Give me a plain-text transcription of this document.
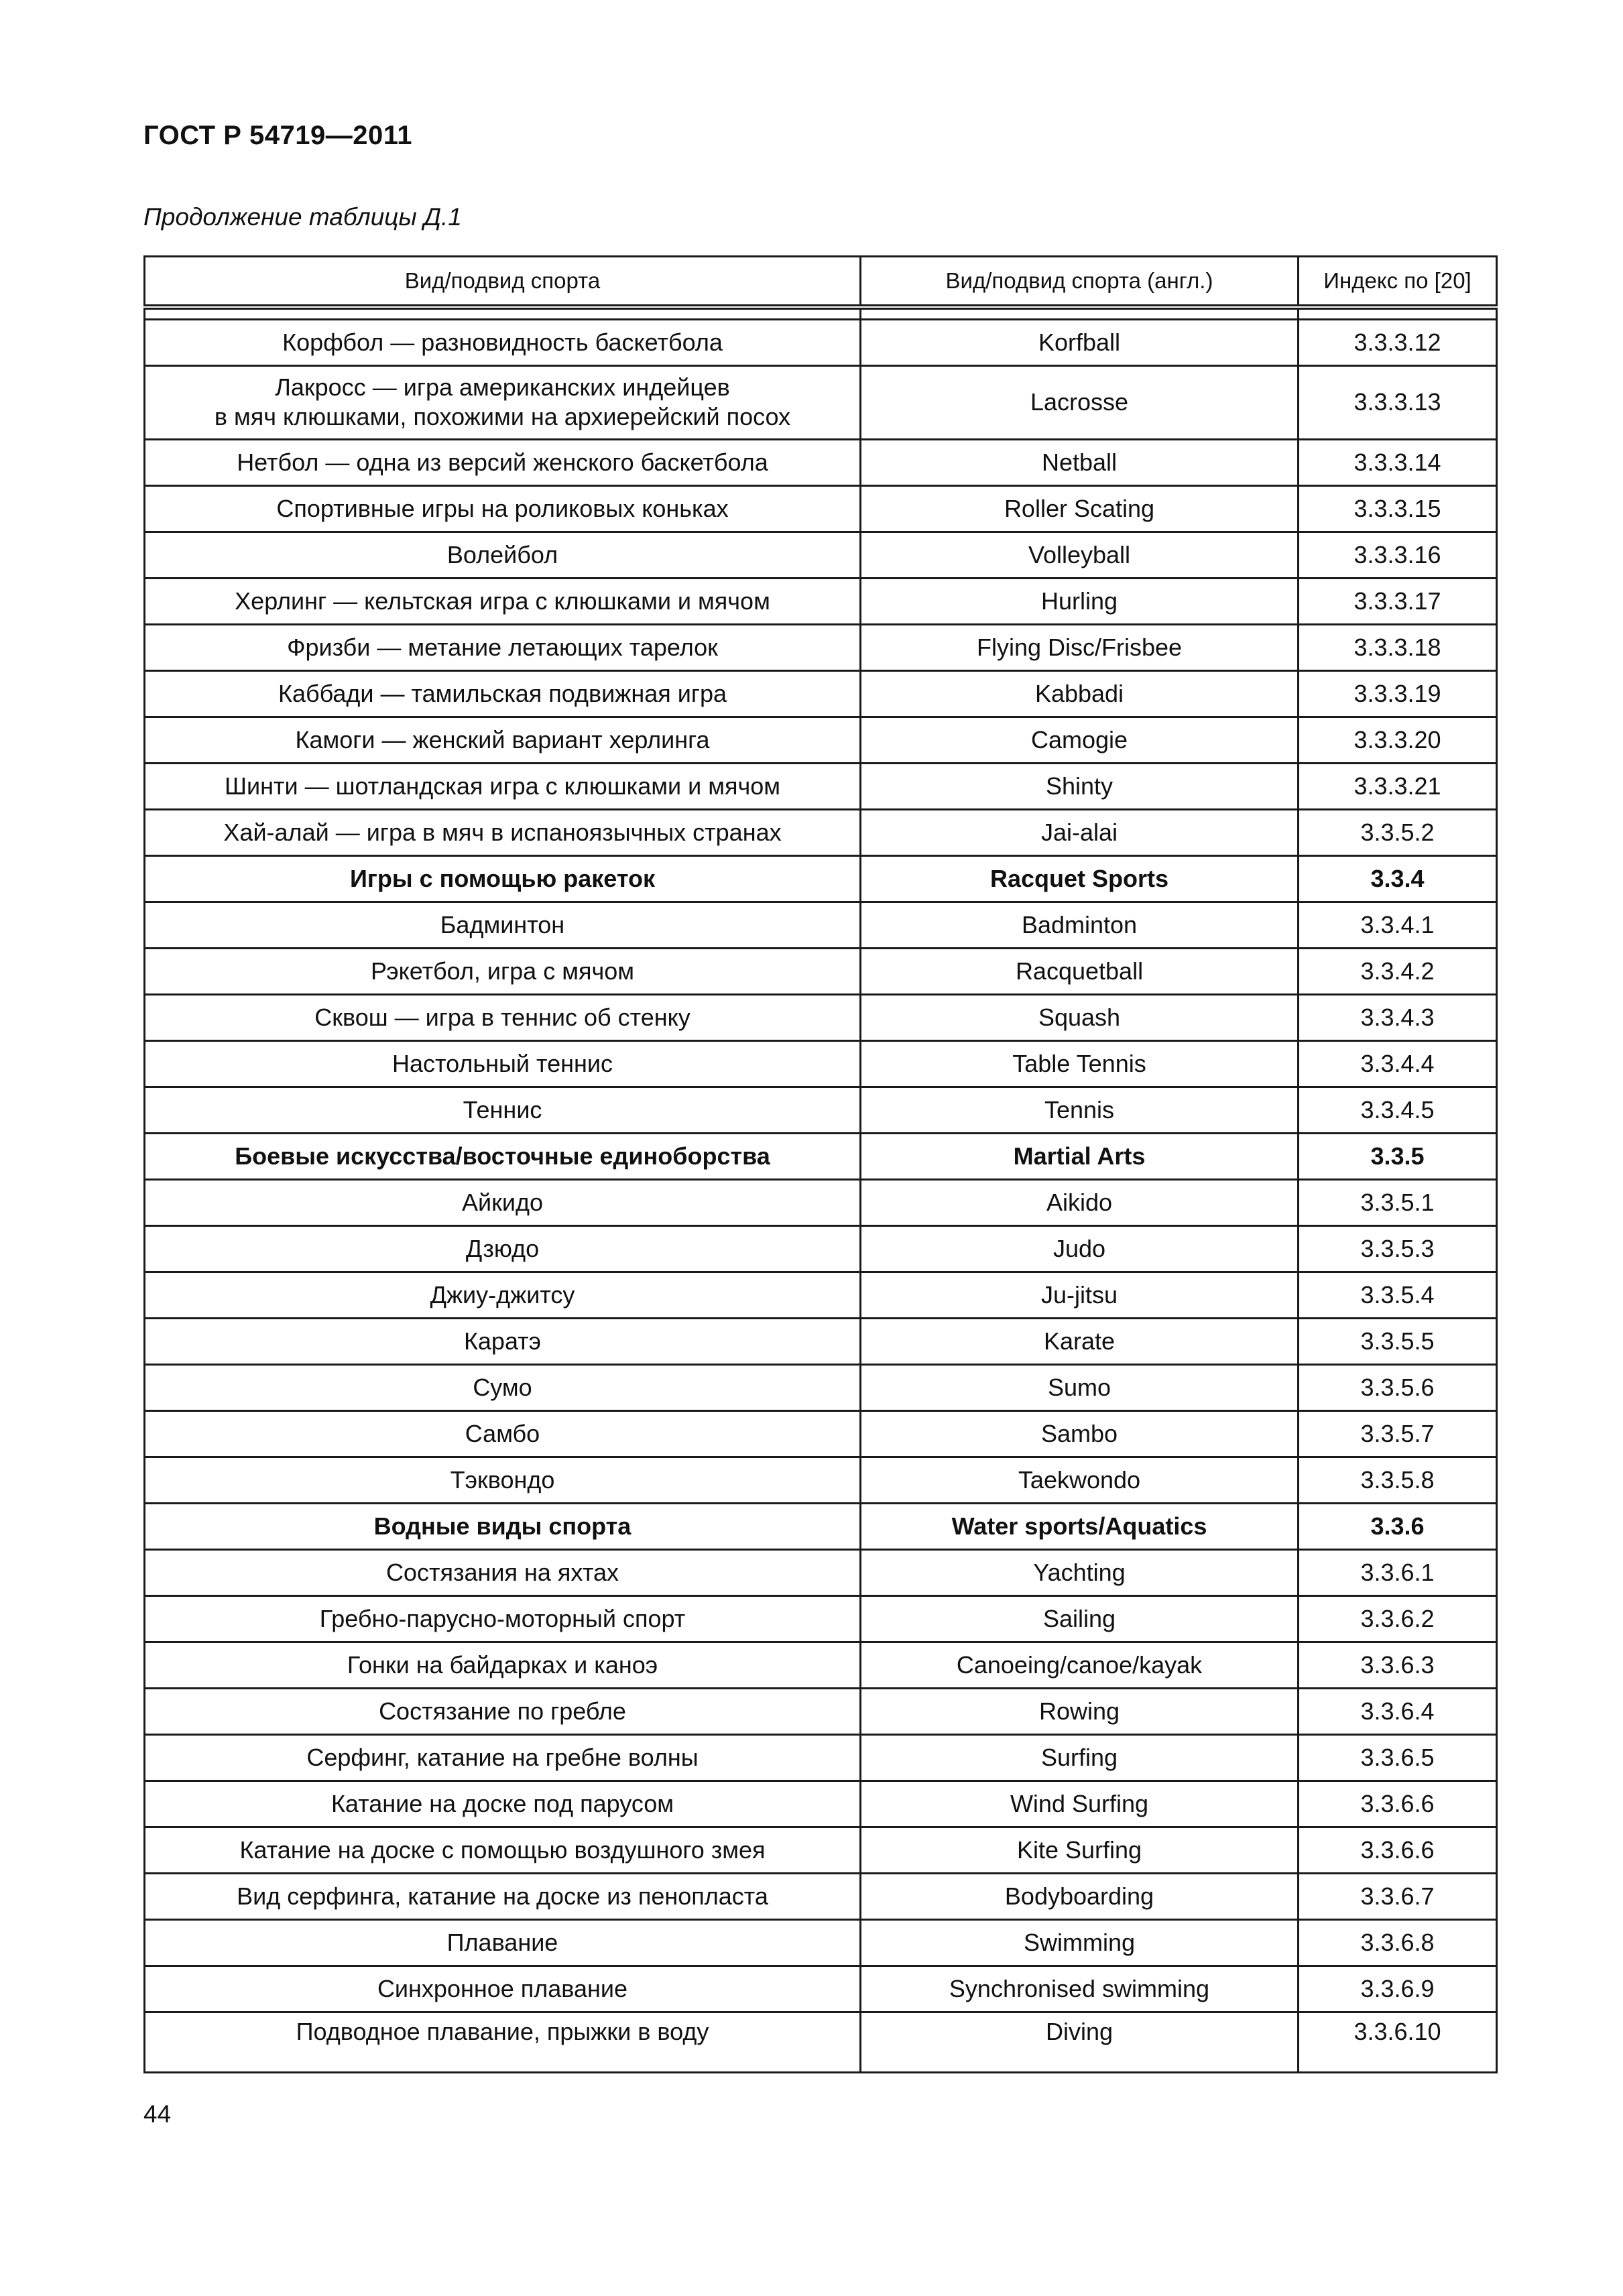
ГОСТ Р 54719—2011
Продолжение таблицы Д.1
Вид/подвид спорта	Вид/подвид спорта (англ.)	Индекс по [20]

Корфбол — разновидность баскетбола	Korfball	3.3.3.12
Лакросс — игра американских индейцев
в мяч клюшками, похожими на архиерейский посох	Lacrosse	3.3.3.13
Нетбол — одна из версий женского баскетбола	Netball	3.3.3.14
Спортивные игры на роликовых коньках	Roller Scating	3.3.3.15
Волейбол	Volleyball	3.3.3.16
Херлинг — кельтская игра с клюшками и мячом	Hurling	3.3.3.17
Фризби — метание летающих тарелок	Flying Disc/Frisbee	3.3.3.18
Каббади — тамильская подвижная игра	Kabbadi	3.3.3.19
Камоги — женский вариант херлинга	Camogie	3.3.3.20
Шинти — шотландская игра с клюшками и мячом	Shinty	3.3.3.21
Хай-алай — игра в мяч в испаноязычных странах	Jai-alai	3.3.5.2
Игры с помощью ракеток	Racquet Sports	3.3.4
Бадминтон	Badminton	3.3.4.1
Рэкетбол, игра с мячом	Racquetball	3.3.4.2
Сквош — игра в теннис об стенку	Squash	3.3.4.3
Настольный теннис	Table Tennis	3.3.4.4
Теннис	Tennis	3.3.4.5
Боевые искусства/восточные единоборства	Martial Arts	3.3.5
Айкидо	Aikido	3.3.5.1
Дзюдо	Judo	3.3.5.3
Джиу-джитсу	Ju-jitsu	3.3.5.4
Каратэ	Karate	3.3.5.5
Сумо	Sumo	3.3.5.6
Самбо	Sambo	3.3.5.7
Тэквондо	Taekwondo	3.3.5.8
Водные виды спорта	Water sports/Aquatics	3.3.6
Состязания на яхтах	Yachting	3.3.6.1
Гребно-парусно-моторный спорт	Sailing	3.3.6.2
Гонки на байдарках и каноэ	Canoeing/canoe/kayak	3.3.6.3
Состязание по гребле	Rowing	3.3.6.4
Серфинг, катание на гребне волны	Surfing	3.3.6.5
Катание на доске под парусом	Wind Surfing	3.3.6.6
Катание на доске с помощью воздушного змея	Kite Surfing	3.3.6.6
Вид серфинга, катание на доске из пенопласта	Bodyboarding	3.3.6.7
Плавание	Swimming	3.3.6.8
Синхронное плавание	Synchronised swimming	3.3.6.9
Подводное плавание, прыжки в воду	Diving	3.3.6.10
44
